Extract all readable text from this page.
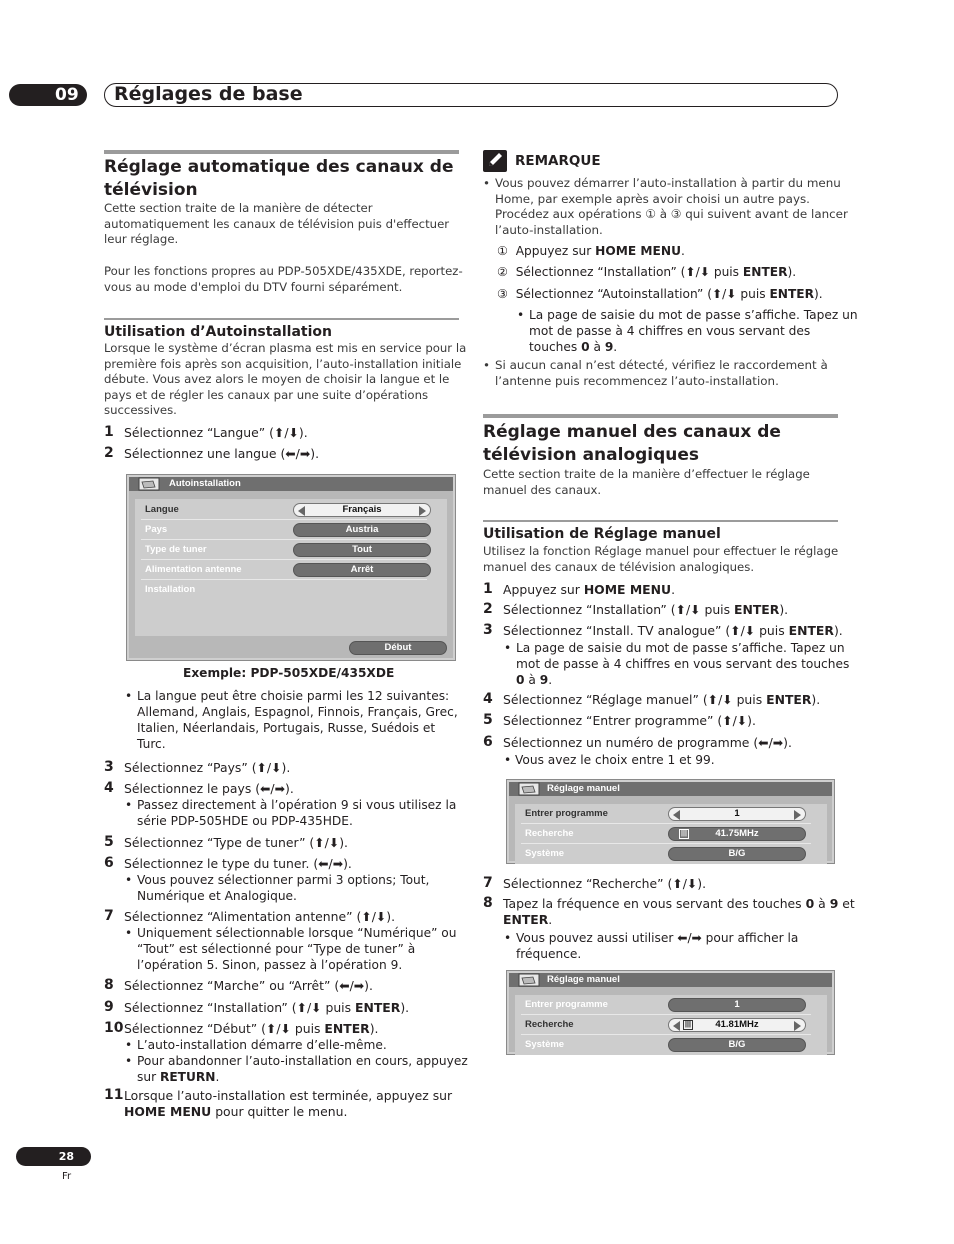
09	Réglages de base
Réglage automatique des canaux de
télévision
Cette section traite de la manière de détecter
automatiquement les canaux de télévision puis d'effectuer
leur réglage.
Pour les fonctions propres au PDP-505XDE/435XDE, reportez-
vous au mode d'emploi du DTV fourni séparément.
Utilisation d’Autoinstallation
Lorsque le système d’écran plasma est mis en service pour la
première fois après son acquisition, l’auto-installation initiale
débute. Vous avez alors le moyen de choisir la langue et le
pays et de régler les canaux par une suite d’opérations
successives.
1 Sélectionnez “Langue” (⬆/⬇).
2 Sélectionnez une langue (⬅/➡).
Autoinstallation
Langue	Français
Pays	Austria
Type de tuner	Tout
Alimentation antenne	Arrêt
Installation
Début
Exemple: PDP-505XDE/435XDE
• La langue peut être choisie parmi les 12 suivantes:
Allemand, Anglais, Espagnol, Finnois, Français, Grec,
Italien, Néerlandais, Portugais, Russe, Suédois et
Turc.
3 Sélectionnez “Pays” (⬆/⬇).
4 Sélectionnez le pays (⬅/➡).
• Passez directement à l’opération 9 si vous utilisez la
série PDP-505HDE ou PDP-435HDE.
5 Sélectionnez “Type de tuner” (⬆/⬇).
6 Sélectionnez le type du tuner. (⬅/➡).
• Vous pouvez sélectionner parmi 3 options; Tout,
Numérique et Analogique.
7 Sélectionnez “Alimentation antenne” (⬆/⬇).
• Uniquement sélectionnable lorsque “Numérique” ou
“Tout” est sélectionné pour “Type de tuner” à
l’opération 5. Sinon, passez à l’opération 9.
8 Sélectionnez “Marche” ou “Arrêt” (⬅/➡).
9 Sélectionnez “Installation” (⬆/⬇ puis ENTER).
10 Sélectionnez “Début” (⬆/⬇ puis ENTER).
• L’auto-installation démarre d’elle-même.
• Pour abandonner l’auto-installation en cours, appuyez
sur RETURN.
11 Lorsque l’auto-installation est terminée, appuyez sur
HOME MENU pour quitter le menu.
REMARQUE
• Vous pouvez démarrer l’auto-installation à partir du menu
Home, par exemple après avoir choisi un autre pays.
Procédez aux opérations ① à ③ qui suivent avant de lancer
l’auto-installation.
① Appuyez sur HOME MENU.
② Sélectionnez “Installation” (⬆/⬇ puis ENTER).
③ Sélectionnez “Autoinstallation” (⬆/⬇ puis ENTER).
• La page de saisie du mot de passe s’affiche. Tapez un
mot de passe à 4 chiffres en vous servant des
touches 0 à 9.
• Si aucun canal n’est détecté, vérifiez le raccordement à
l’antenne puis recommencez l’auto-installation.
Réglage manuel des canaux de
télévision analogiques
Cette section traite de la manière d’effectuer le réglage
manuel des canaux.
Utilisation de Réglage manuel
Utilisez la fonction Réglage manuel pour effectuer le réglage
manuel des canaux de télévision analogiques.
1 Appuyez sur HOME MENU.
2 Sélectionnez “Installation” (⬆/⬇ puis ENTER).
3 Sélectionnez “Install. TV analogue” (⬆/⬇ puis ENTER).
• La page de saisie du mot de passe s’affiche. Tapez un
mot de passe à 4 chiffres en vous servant des touches
0 à 9.
4 Sélectionnez “Réglage manuel” (⬆/⬇ puis ENTER).
5 Sélectionnez “Entrer programme” (⬆/⬇).
6 Sélectionnez un numéro de programme (⬅/➡).
• Vous avez le choix entre 1 et 99.
Réglage manuel
Entrer programme	1
Recherche	|||	41.75MHz
Système	B/G
7 Sélectionnez “Recherche” (⬆/⬇).
8 Tapez la fréquence en vous servant des touches 0 à 9 et
ENTER.
• Vous pouvez aussi utiliser ⬅/➡ pour afficher la
fréquence.
Réglage manuel
Entrer programme	1
Recherche	|||	41.81MHz
Système	B/G
28
Fr
